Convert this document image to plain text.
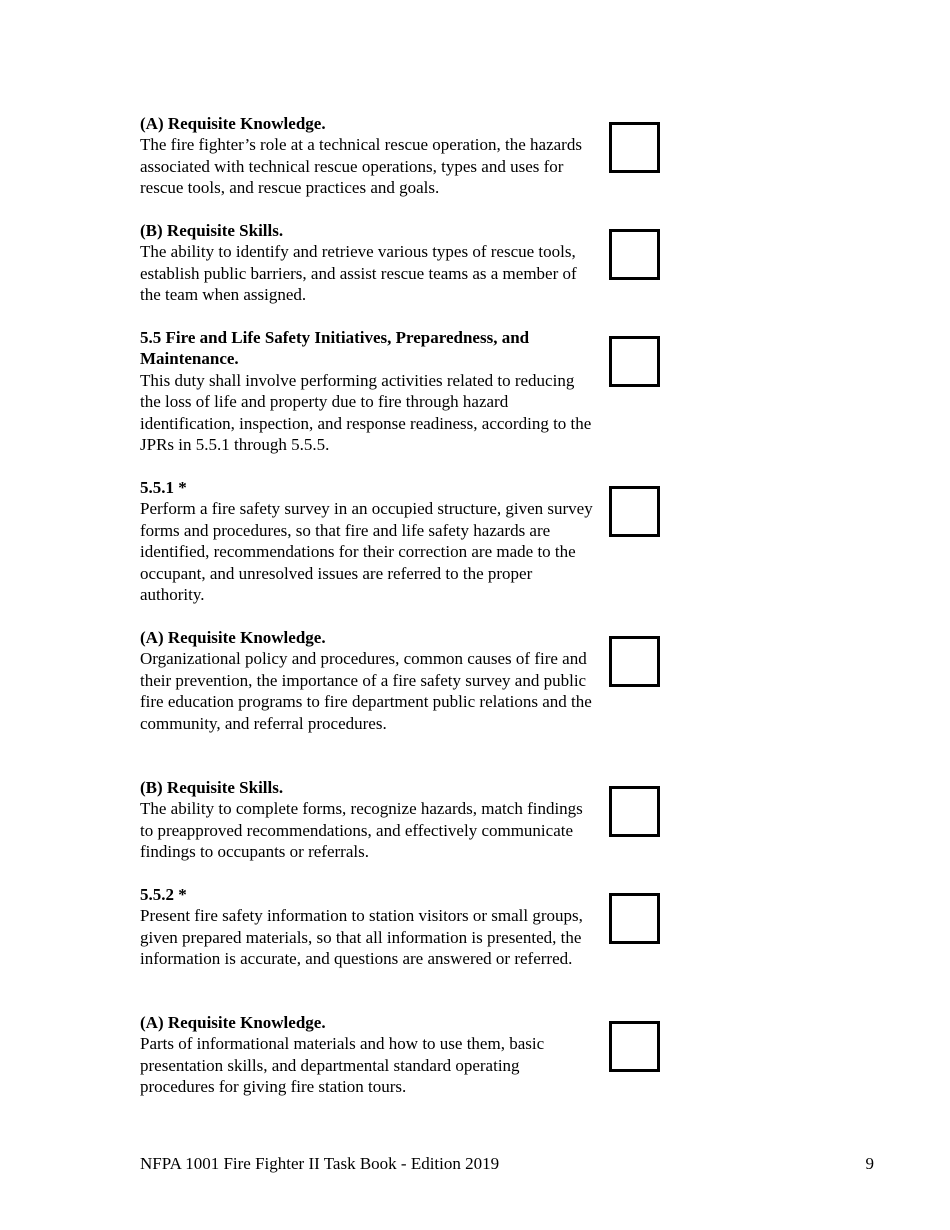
(A) Requisite Knowledge.

The fire fighter’s role at a technical rescue operation, the hazards associated with technical rescue operations, types and uses for rescue tools, and rescue practices and goals.

(B) Requisite Skills.

The ability to identify and retrieve various types of rescue tools, establish public barriers, and assist rescue teams as a member of the team when assigned.

5.5 Fire and Life Safety Initiatives, Preparedness, and Maintenance.

This duty shall involve performing activities related to reducing the loss of life and property due to fire through hazard identification, inspection, and response readiness, according to the JPRs in 5.5.1 through 5.5.5.

5.5.1 *

Perform a fire safety survey in an occupied structure, given survey forms and procedures, so that fire and life safety hazards are identified, recommendations for their correction are made to the occupant, and unresolved issues are referred to the proper authority.

(A) Requisite Knowledge.

Organizational policy and procedures, common causes of fire and their prevention, the importance of a fire safety survey and public fire education programs to fire department public relations and the community, and referral procedures.

(B) Requisite Skills.

The ability to complete forms, recognize hazards, match findings to preapproved recommendations, and effectively communicate findings to occupants or referrals.

5.5.2 *

Present fire safety information to station visitors or small groups, given prepared materials, so that all information is presented, the information is accurate, and questions are answered or referred.

(A) Requisite Knowledge.

Parts of informational materials and how to use them, basic presentation skills, and departmental standard operating procedures for giving fire station tours.

NFPA 1001 Fire Fighter II Task Book - Edition 2019	9
